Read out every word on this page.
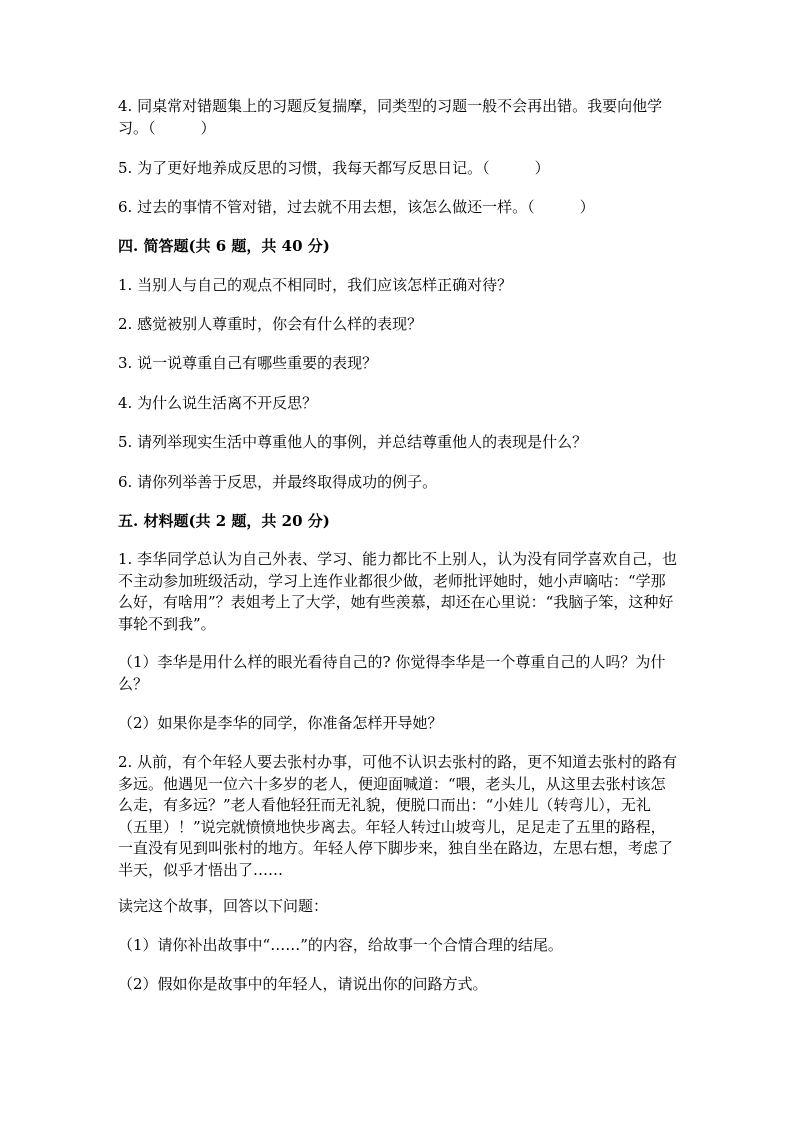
4. 同桌常对错题集上的习题反复揣摩，同类型的习题一般不会再出错。我要向他学习。（　　　）

5. 为了更好地养成反思的习惯，我每天都写反思日记。（　　　）

6. 过去的事情不管对错，过去就不用去想，该怎么做还一样。（　　　）

四. 简答题(共 6 题，共 40 分)

1. 当别人与自己的观点不相同时，我们应该怎样正确对待？

2. 感觉被别人尊重时，你会有什么样的表现？

3. 说一说尊重自己有哪些重要的表现？

4. 为什么说生活离不开反思？

5. 请列举现实生活中尊重他人的事例，并总结尊重他人的表现是什么？

6. 请你列举善于反思，并最终取得成功的例子。

五. 材料题(共 2 题，共 20 分)

1. 李华同学总认为自己外表、学习、能力都比不上别人，认为没有同学喜欢自己，也不主动参加班级活动，学习上连作业都很少做，老师批评她时，她小声嘀咕：“学那么好，有啥用”？表姐考上了大学，她有些羡慕，却还在心里说：“我脑子笨，这种好事轮不到我”。

（1）李华是用什么样的眼光看待自己的? 你觉得李华是一个尊重自己的人吗？为什么？

（2）如果你是李华的同学，你准备怎样开导她？

2. 从前，有个年轻人要去张村办事，可他不认识去张村的路，更不知道去张村的路有多远。他遇见一位六十多岁的老人，便迎面喊道：“喂，老头儿，从这里去张村该怎么走，有多远？”老人看他轻狂而无礼貌，便脱口而出：“小娃儿（转弯儿），无礼（五里）！”说完就愤愤地快步离去。年轻人转过山坡弯儿，足足走了五里的路程，一直没有见到叫张村的地方。年轻人停下脚步来，独自坐在路边，左思右想，考虑了半天，似乎才悟出了……

读完这个故事，回答以下问题：

（1）请你补出故事中“……”的内容，给故事一个合情合理的结尾。

（2）假如你是故事中的年轻人，请说出你的问路方式。
